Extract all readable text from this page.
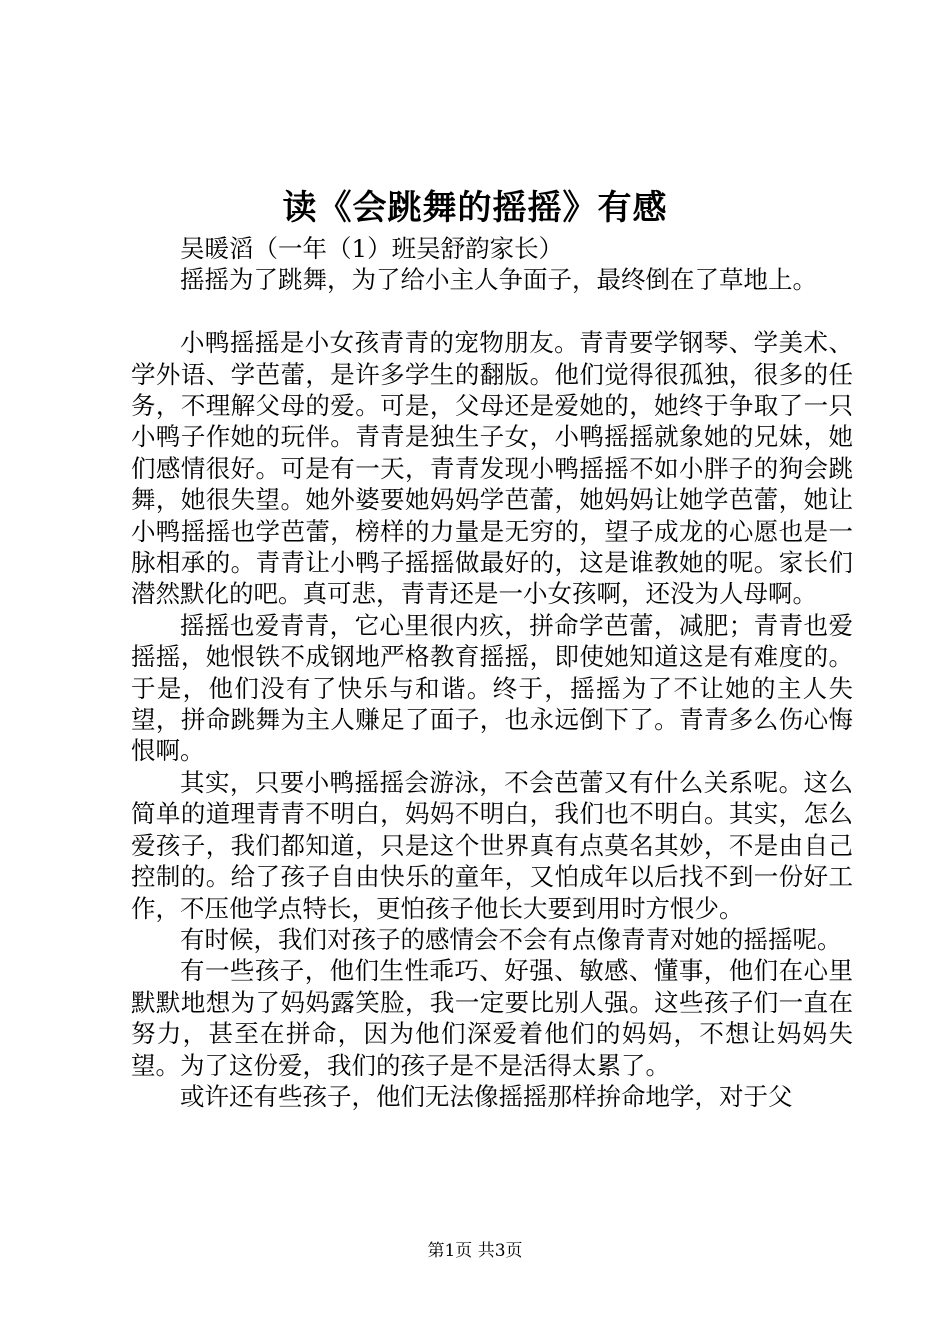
读《会跳舞的摇摇》有感

吴暖滔（一年（1）班吴舒韵家长）

摇摇为了跳舞，为了给小主人争面子，最终倒在了草地上。

小鸭摇摇是小女孩青青的宠物朋友。青青要学钢琴、学美术、学外语、学芭蕾，是许多学生的翻版。他们觉得很孤独，很多的任务，不理解父母的爱。可是，父母还是爱她的，她终于争取了一只小鸭子作她的玩伴。青青是独生子女，小鸭摇摇就象她的兄妹，她们感情很好。可是有一天，青青发现小鸭摇摇不如小胖子的狗会跳舞，她很失望。她外婆要她妈妈学芭蕾，她妈妈让她学芭蕾，她让小鸭摇摇也学芭蕾，榜样的力量是无穷的，望子成龙的心愿也是一脉相承的。青青让小鸭子摇摇做最好的，这是谁教她的呢。家长们潜然默化的吧。真可悲，青青还是一小女孩啊，还没为人母啊。

摇摇也爱青青，它心里很内疚，拼命学芭蕾，减肥；青青也爱摇摇，她恨铁不成钢地严格教育摇摇，即使她知道这是有难度的。于是，他们没有了快乐与和谐。终于，摇摇为了不让她的主人失望，拼命跳舞为主人赚足了面子，也永远倒下了。青青多么伤心悔恨啊。

其实，只要小鸭摇摇会游泳，不会芭蕾又有什么关系呢。这么简单的道理青青不明白，妈妈不明白，我们也不明白。其实，怎么爱孩子，我们都知道，只是这个世界真有点莫名其妙，不是由自己控制的。给了孩子自由快乐的童年，又怕成年以后找不到一份好工作，不压他学点特长，更怕孩子他长大要到用时方恨少。

有时候，我们对孩子的感情会不会有点像青青对她的摇摇呢。

有一些孩子，他们生性乖巧、好强、敏感、懂事，他们在心里默默地想为了妈妈露笑脸，我一定要比别人强。这些孩子们一直在努力，甚至在拼命，因为他们深爱着他们的妈妈，不想让妈妈失望。为了这份爱，我们的孩子是不是活得太累了。

或许还有些孩子，他们无法像摇摇那样拚命地学，对于父

第1页 共3页
